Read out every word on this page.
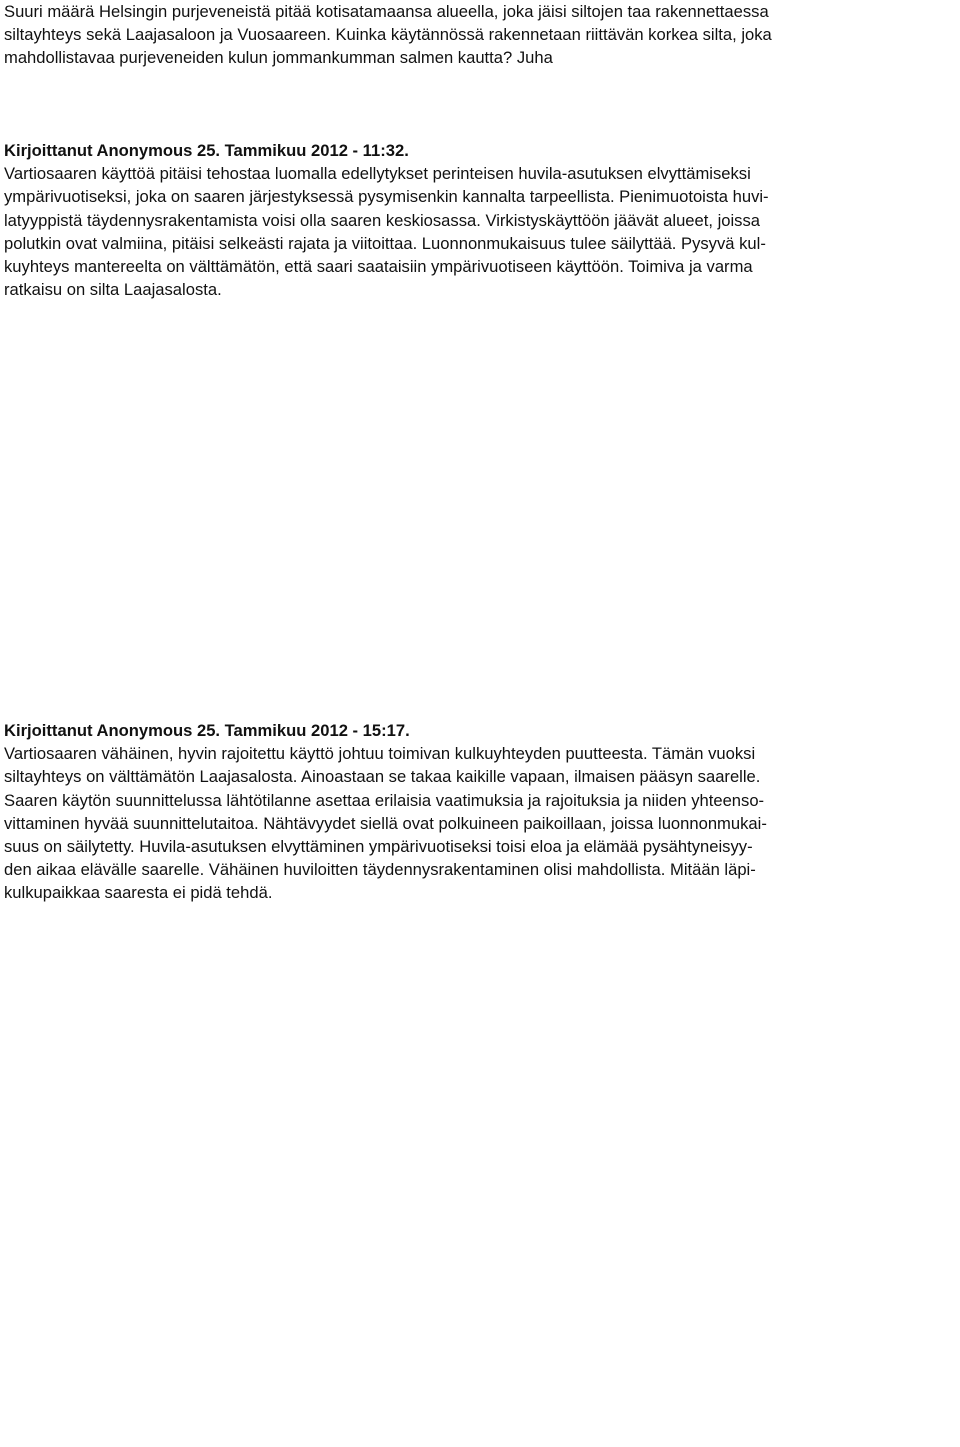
Suuri määrä Helsingin purjeveneistä pitää kotisatamaansa alueella, joka jäisi siltojen taa rakennettaessa
siltayhteys sekä Laajasaloon ja Vuosaareen. Kuinka käytännössä rakennetaan riittävän korkea silta, joka
mahdollistavaa purjeveneiden kulun jommankumman salmen kautta? Juha
Kirjoittanut Anonymous 25. Tammikuu 2012 - 11:32.
Vartiosaaren käyttöä pitäisi tehostaa luomalla edellytykset perinteisen huvila-asutuksen elvyttämiseksi
ympärivuotiseksi, joka on saaren järjestyksessä pysymisenkin kannalta tarpeellista. Pienimuotoista huvi-
latyyppistä täydennysrakentamista voisi olla saaren keskiosassa. Virkistyskäyttöön jäävät alueet, joissa
polutkin ovat valmiina, pitäisi selkeästi rajata ja viitoittaa. Luonnonmukaisuus tulee säilyttää. Pysyvä kul-
kuyhteys mantereelta on välttämätön, että saari saataisiin ympärivuotiseen käyttöön. Toimiva ja varma
ratkaisu on silta Laajasalosta.
Kirjoittanut Anonymous 25. Tammikuu 2012 - 15:17.
Vartiosaaren vähäinen, hyvin rajoitettu käyttö johtuu toimivan kulkuyhteyden puutteesta. Tämän vuoksi
siltayhteys on välttämätön Laajasalosta. Ainoastaan se takaa kaikille vapaan, ilmaisen pääsyn saarelle.
Saaren käytön suunnittelussa lähtötilanne asettaa erilaisia vaatimuksia ja rajoituksia ja niiden yhteenso-
vittaminen hyvää suunnittelutaitoa. Nähtävyydet siellä ovat polkuineen paikoillaan, joissa luonnonmukai-
suus on säilytetty. Huvila-asutuksen elvyttäminen ympärivuotiseksi toisi eloa ja elämää pysähtyneisyy-
den aikaa elävälle saarelle. Vähäinen huviloitten täydennysrakentaminen olisi mahdollista. Mitään läpi-
kulkupaikkaa saaresta ei pidä tehdä.
